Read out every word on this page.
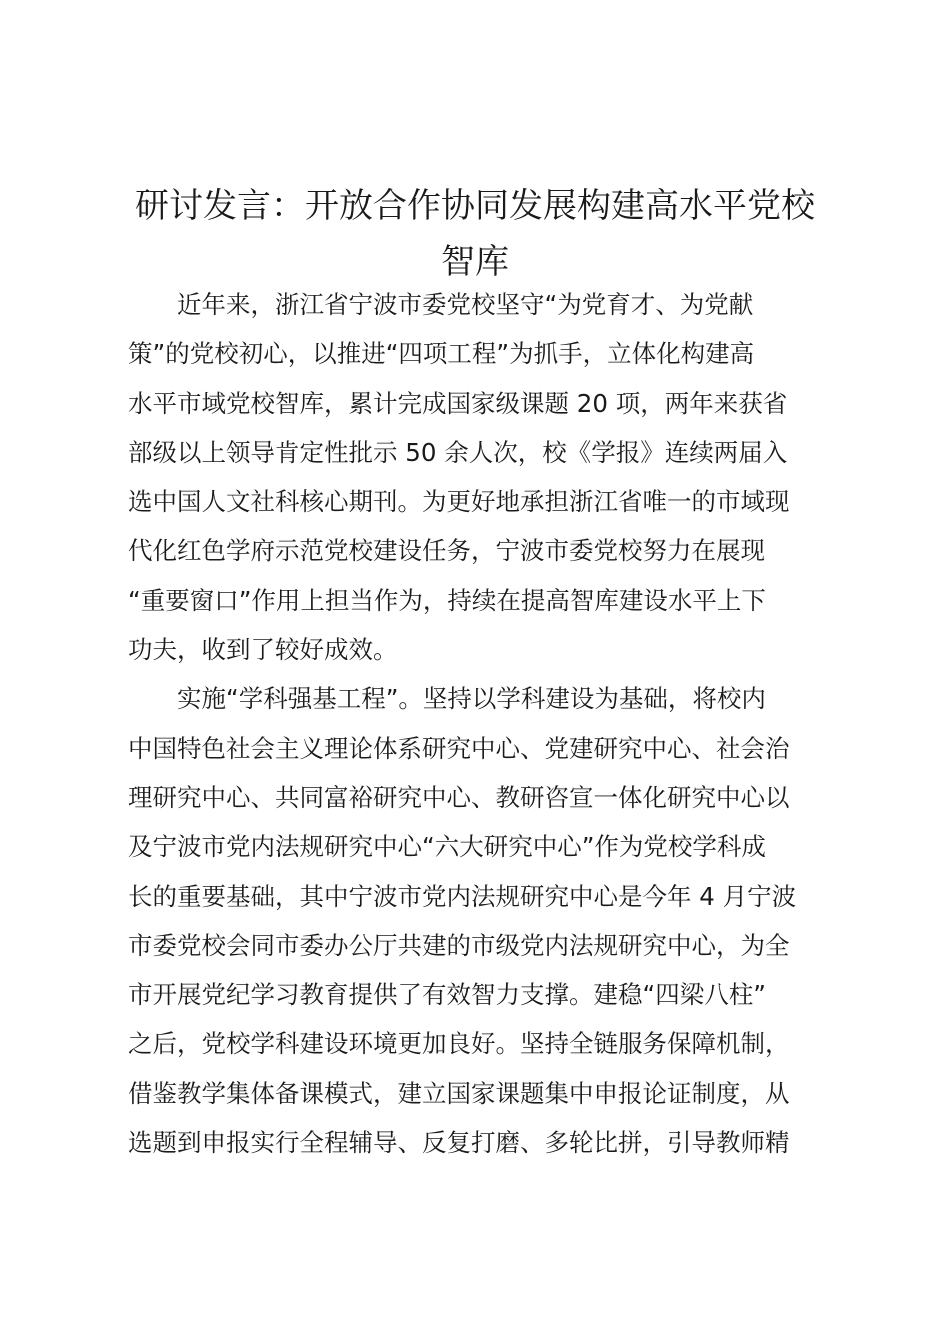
研讨发言：开放合作协同发展构建高水平党校
智库

　　近年来，浙江省宁波市委党校坚守“为党育才、为党献
策”的党校初心，以推进“四项工程”为抓手，立体化构建高
水平市域党校智库，累计完成国家级课题 20 项，两年来获省
部级以上领导肯定性批示 50 余人次，校《学报》连续两届入
选中国人文社科核心期刊。为更好地承担浙江省唯一的市域现
代化红色学府示范党校建设任务，宁波市委党校努力在展现
“重要窗口”作用上担当作为，持续在提高智库建设水平上下
功夫，收到了较好成效。

　　实施“学科强基工程”。坚持以学科建设为基础，将校内
中国特色社会主义理论体系研究中心、党建研究中心、社会治
理研究中心、共同富裕研究中心、教研咨宣一体化研究中心以
及宁波市党内法规研究中心“六大研究中心”作为党校学科成
长的重要基础，其中宁波市党内法规研究中心是今年 4 月宁波
市委党校会同市委办公厅共建的市级党内法规研究中心，为全
市开展党纪学习教育提供了有效智力支撑。建稳“四梁八柱”
之后，党校学科建设环境更加良好。坚持全链服务保障机制，
借鉴教学集体备课模式，建立国家课题集中申报论证制度，从
选题到申报实行全程辅导、反复打磨、多轮比拼，引导教师精
